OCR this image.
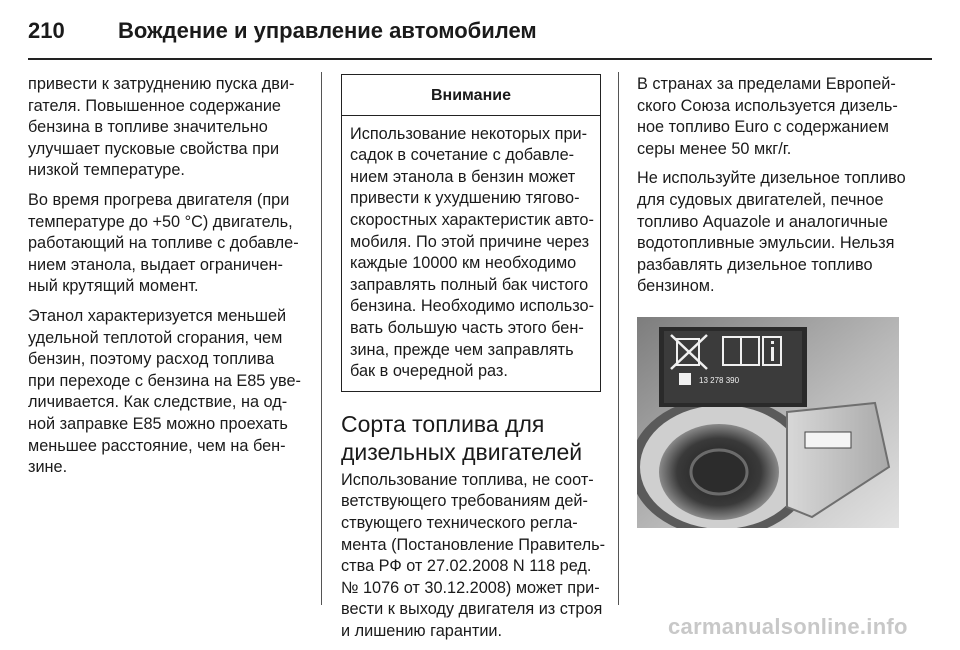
210 Вождение и управление автомобилем

привести к затруднению пуска дви-
гателя. Повышенное содержание
бензина в топливе значительно
улучшает пусковые свойства при
низкой температуре.

Во время прогрева двигателя (при
температуре до +50 °C) двигатель,
работающий на топливе с добавле-
нием этанола, выдает ограничен-
ный крутящий момент.

Этанол характеризуется меньшей
удельной теплотой сгорания, чем
бензин, поэтому расход топлива
при переходе с бензина на E85 уве-
личивается. Как следствие, на од-
ной заправке E85 можно проехать
меньшее расстояние, чем на бен-
зине.

Внимание
Использование некоторых при-
садок в сочетание с добавле-
нием этанола в бензин может
привести к ухудшению тягово-
скоростных характеристик авто-
мобиля. По этой причине через
каждые 10000 км необходимо
заправлять полный бак чистого
бензина. Необходимо использо-
вать большую часть этого бен-
зина, прежде чем заправлять
бак в очередной раз.
Сорта топлива для
дизельных двигателей

Использование топлива, не соот-
ветствующего требованиям дей-
ствующего технического регла-
мента (Постановление Правитель-
ства РФ от 27.02.2008 N 118 ред.
№ 1076 от 30.12.2008) может при-
вести к выходу двигателя из строя
и лишению гарантии.

В странах за пределами Европей-
ского Союза используется дизель-
ное топливо Euro с содержанием
серы менее 50 мкг/г.

Не используйте дизельное топливо
для судовых двигателей, печное
топливо Aquazole и аналогичные
водотопливные эмульсии. Нельзя
разбавлять дизельное топливо
бензином.

13 278 390
carmanualsonline.info
